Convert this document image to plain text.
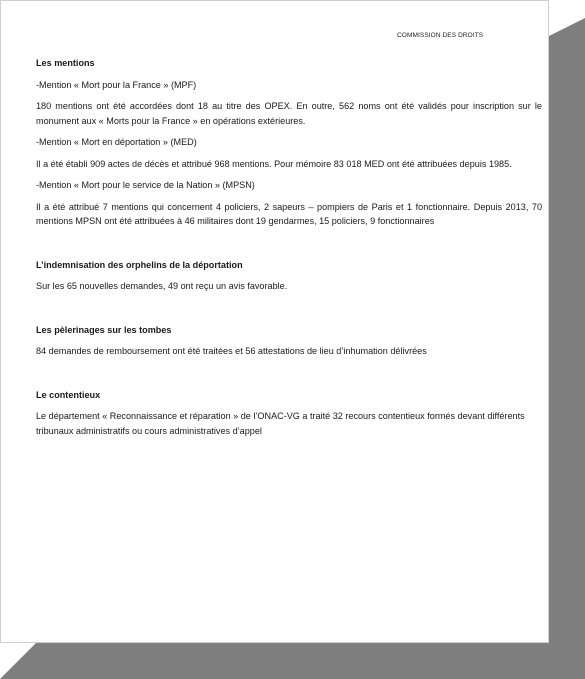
COMMISSION DES DROITS

Les mentions

-Mention « Mort pour la France » (MPF)

180 mentions ont été accordées dont 18 au titre des OPEX. En outre, 562 noms ont été validés pour inscription sur le monument aux « Morts pour la France » en opérations extérieures.

-Mention « Mort en déportation » (MED)

Il a été établi 909 actes de décès et attribué 968 mentions. Pour mémoire 83 018 MED ont été attribuées depuis 1985.

-Mention « Mort pour le service de la Nation » (MPSN)

Il a été attribué 7 mentions qui concernent 4 policiers, 2 sapeurs – pompiers de Paris et 1 fonctionnaire. Depuis 2013, 70 mentions MPSN ont été attribuées à 46 militaires dont 19 gendarmes, 15 policiers, 9 fonctionnaires

L’indemnisation des orphelins de la déportation

Sur les 65 nouvelles demandes, 49 ont reçu un avis favorable.

Les pèlerinages sur les tombes

84 demandes de remboursement ont été traitées et 56 attestations de lieu d’inhumation délivrées

Le contentieux

Le département « Reconnaissance et réparation » de l’ONAC-VG a traité 32 recours contentieux formés devant différents tribunaux administratifs ou cours administratives d’appel
